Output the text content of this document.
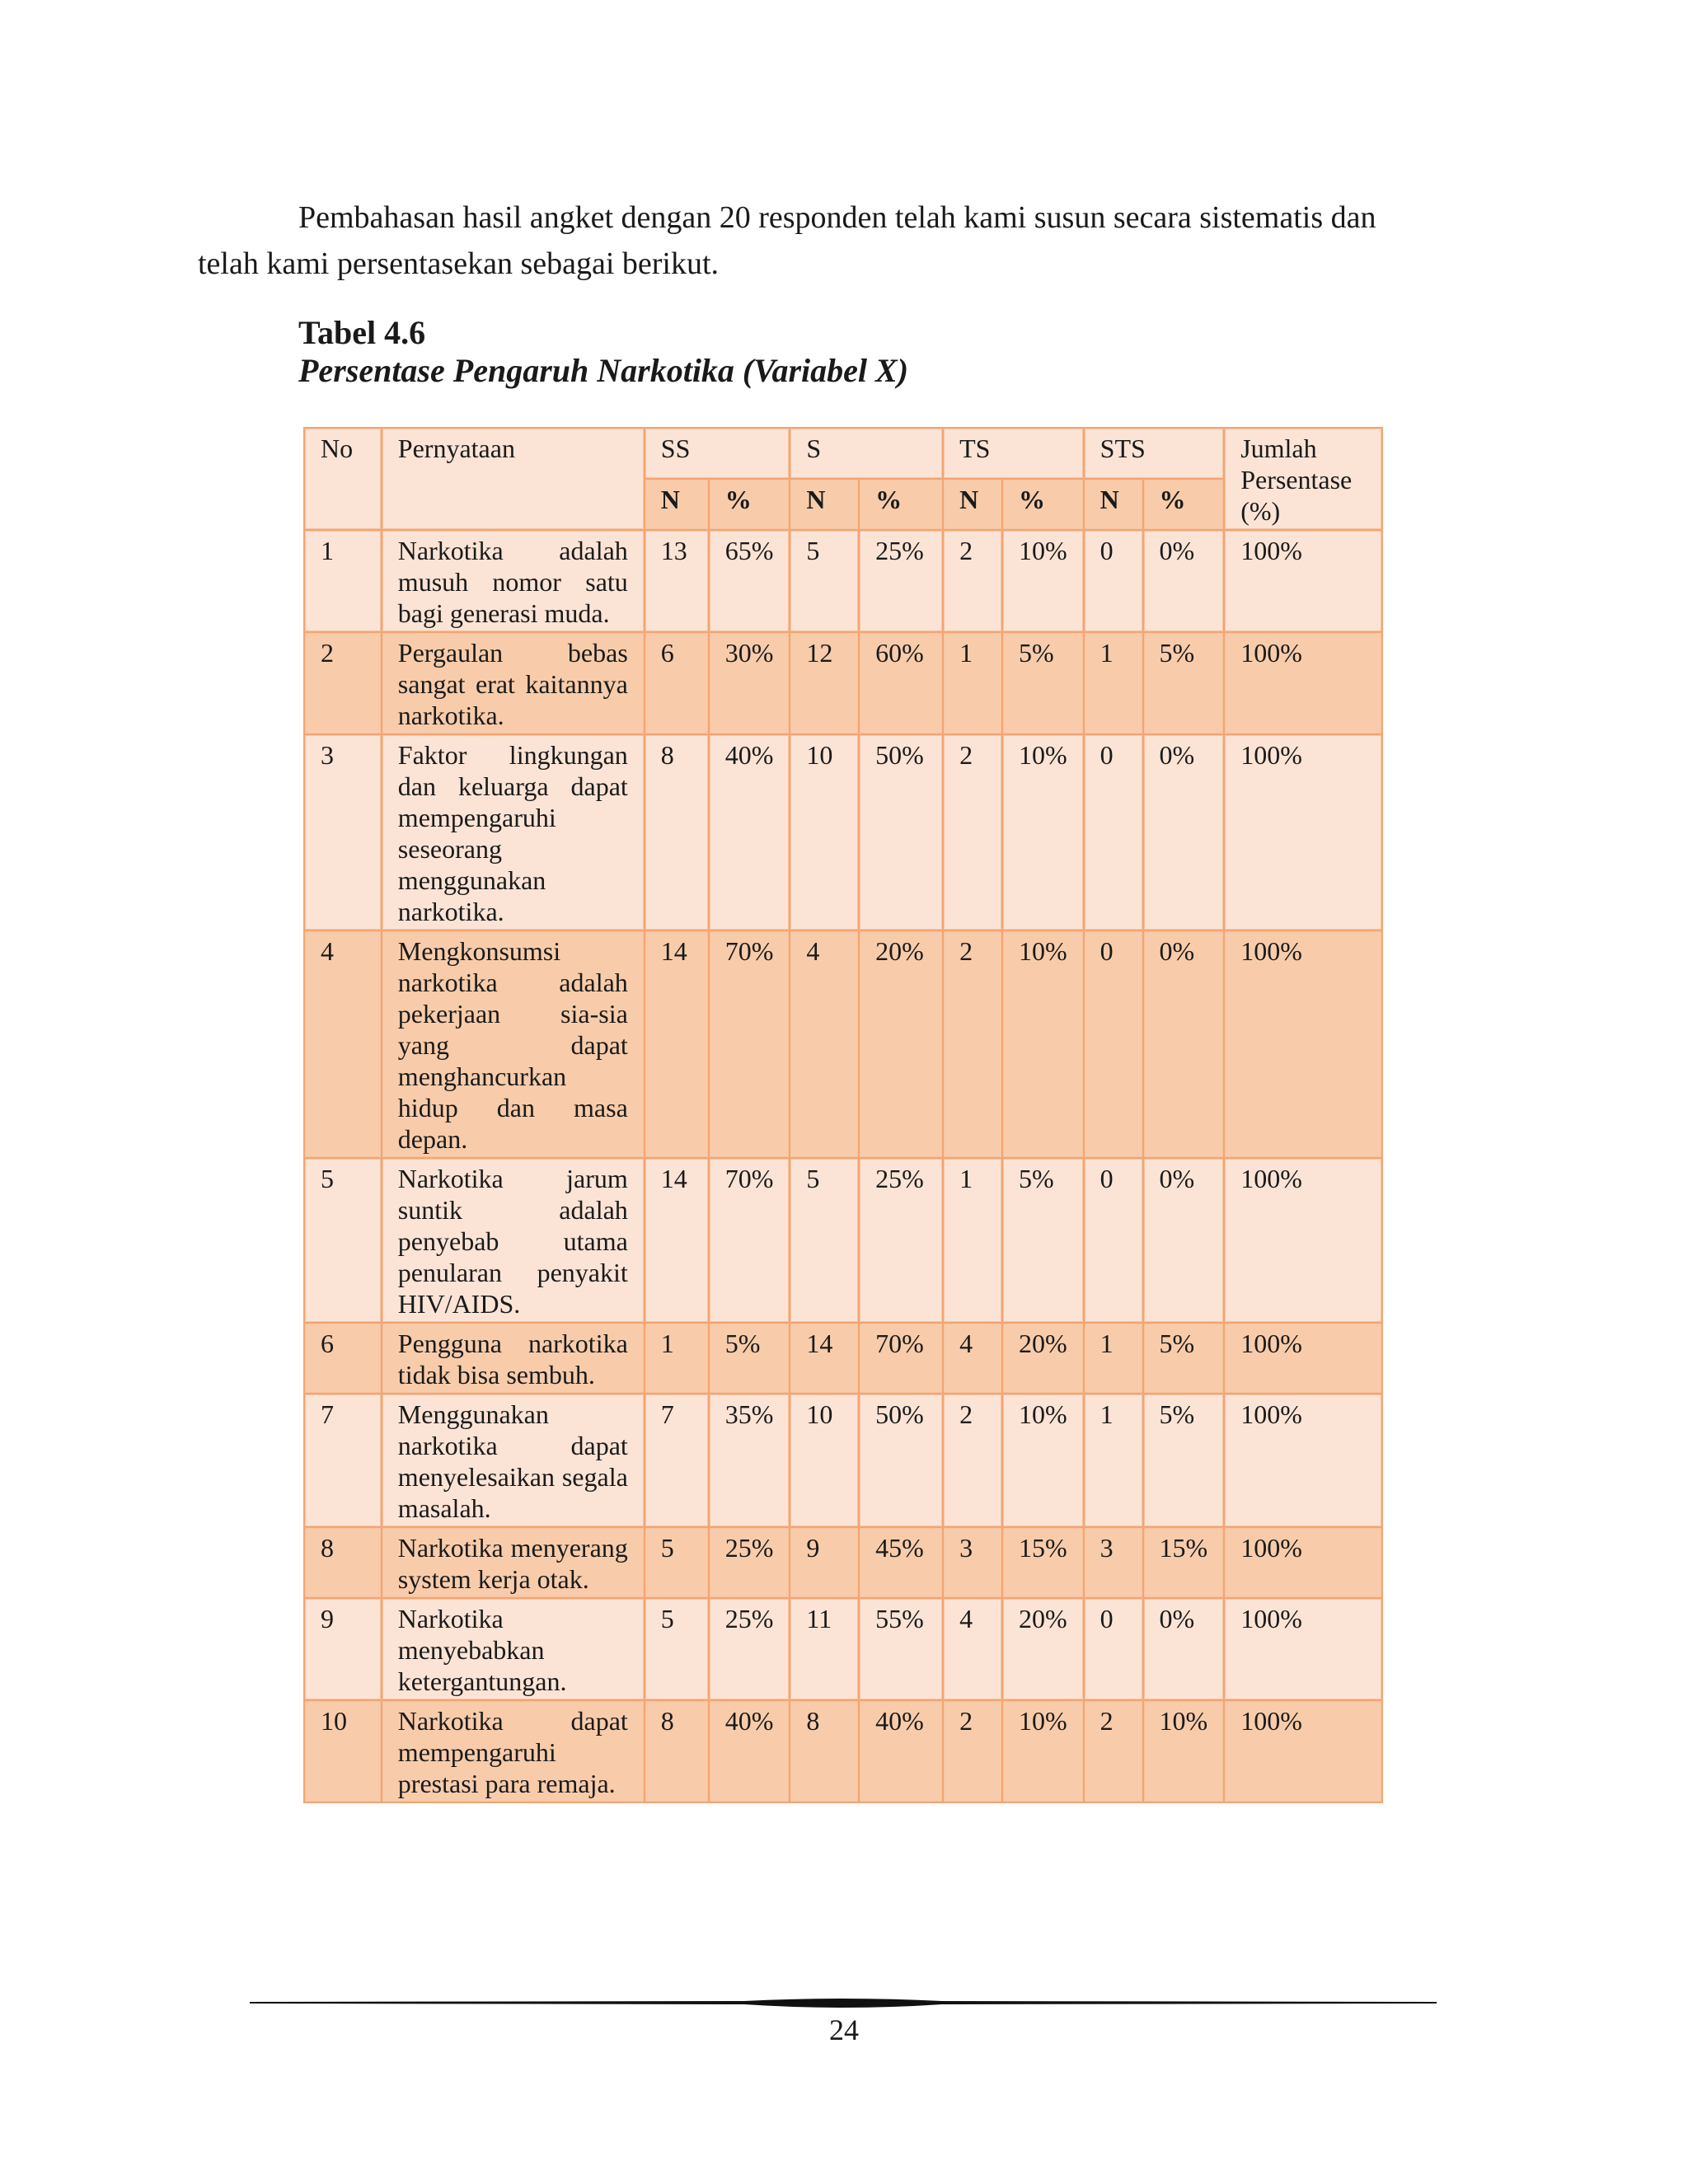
Pembahasan hasil angket dengan 20 responden telah kami susun secara sistematis dan
telah kami persentasekan sebagai berikut.

Tabel 4.6

Persentase Pengaruh Narkotika (Variabel X)

No	Pernyataan	SS		S		TS		STS		Jumlah Persentase (%)
		N	%	N	%	N	%	N	%	
1	Narkotika adalah musuh nomor satu bagi generasi muda.	13	65%	5	25%	2	10%	0	0%	100%
2	Pergaulan bebas sangat erat kaitannya narkotika.	6	30%	12	60%	1	5%	1	5%	100%
3	Faktor lingkungan dan keluarga dapat mempengaruhi seseorang menggunakan narkotika.	8	40%	10	50%	2	10%	0	0%	100%
4	Mengkonsumsi narkotika adalah pekerjaan sia-sia yang dapat menghancurkan hidup dan masa depan.	14	70%	4	20%	2	10%	0	0%	100%
5	Narkotika jarum suntik adalah penyebab utama penularan penyakit HIV/AIDS.	14	70%	5	25%	1	5%	0	0%	100%
6	Pengguna narkotika tidak bisa sembuh.	1	5%	14	70%	4	20%	1	5%	100%
7	Menggunakan narkotika dapat menyelesaikan segala masalah.	7	35%	10	50%	2	10%	1	5%	100%
8	Narkotika menyerang system kerja otak.	5	25%	9	45%	3	15%	3	15%	100%
9	Narkotika menyebabkan ketergantungan.	5	25%	11	55%	4	20%	0	0%	100%
10	Narkotika dapat mempengaruhi prestasi para remaja.	8	40%	8	40%	2	10%	2	10%	100%
24
